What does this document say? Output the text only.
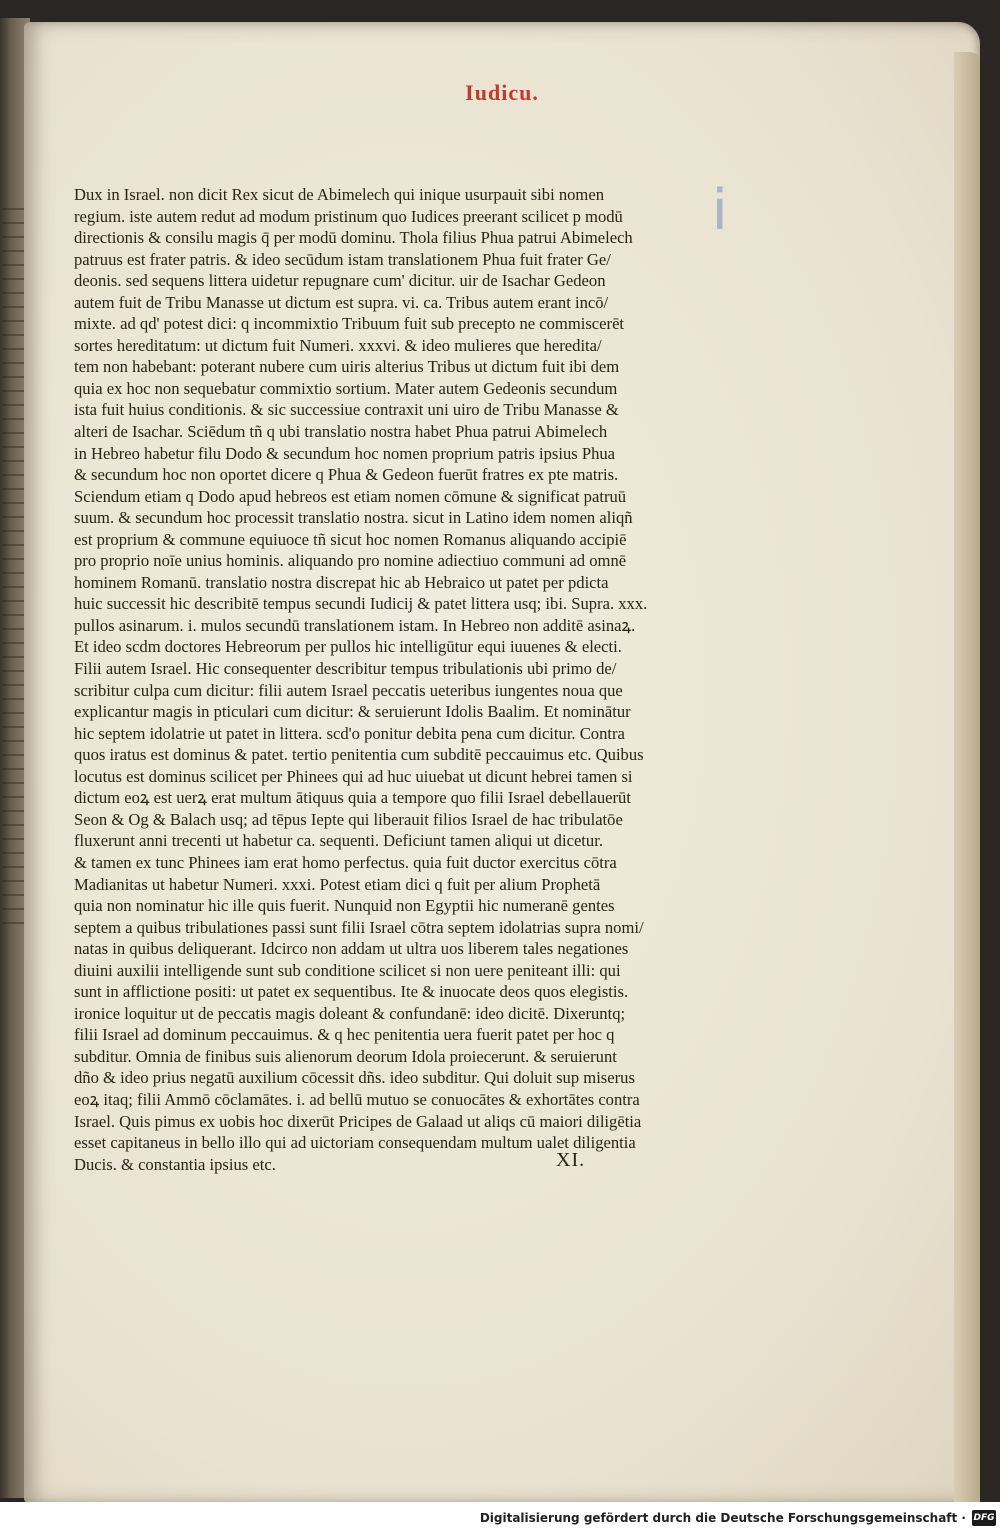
Iudicu.
Ꭵ
Dux in Israel. non dicit Rex sicut de Abimelech qui inique usurpauit sibi nomen
regium. iste autem redut ad modum pristinum quo Iudices preerant scilicet p modū
directionis & consilu magis q̄ per modū dominu. Thola filius Phua patrui Abimelech
patruus est frater patris. & ideo secūdum istam translationem Phua fuit frater Ge/
deonis. sed sequens littera uidetur repugnare cum' dicitur. uir de Isachar Gedeon
autem fuit de Tribu Manasse ut dictum est supra. vi. ca. Tribus autem erant incō/
mixte. ad qd' potest dici: q incommixtio Tribuum fuit sub precepto ne commiscerēt
sortes hereditatum: ut dictum fuit Numeri. xxxvi. & ideo mulieres que heredita/
tem non habebant: poterant nubere cum uiris alterius Tribus ut dictum fuit ibi dem
quia ex hoc non sequebatur commixtio sortium. Mater autem Gedeonis secundum
ista fuit huius conditionis. & sic successiue contraxit uni uiro de Tribu Manasse &
alteri de Isachar. Sciēdum tñ q ubi translatio nostra habet Phua patrui Abimelech
in Hebreo habetur filu Dodo & secundum hoc nomen proprium patris ipsius Phua
& secundum hoc non oportet dicere q Phua & Gedeon fuerūt fratres ex pte matris.
Sciendum etiam q Dodo apud hebreos est etiam nomen cōmune & significat patruū
suum. & secundum hoc processit translatio nostra. sicut in Latino idem nomen aliqñ
est proprium & commune equiuoce tñ sicut hoc nomen Romanus aliquando accipiē
pro proprio noīe unius hominis. aliquando pro nomine adiectiuo communi ad omnē
hominem Romanū. translatio nostra discrepat hic ab Hebraico ut patet per pdicta
huic successit hic describitē tempus secundi Iudicij & patet littera usq; ibi. Supra. xxx.
pullos asinarum. i. mulos secundū translationem istam. In Hebreo non additē asinaꝝ.
Et ideo scdm doctores Hebreorum per pullos hic intelligūtur equi iuuenes & electi.
Filii autem Israel. Hic consequenter describitur tempus tribulationis ubi primo de/
scribitur culpa cum dicitur: filii autem Israel peccatis ueteribus iungentes noua que
explicantur magis in pticulari cum dicitur: & seruierunt Idolis Baalim. Et nominātur
hic septem idolatrie ut patet in littera. scd'o ponitur debita pena cum dicitur. Contra
quos iratus est dominus & patet. tertio penitentia cum subditē peccauimus etc. Quibus
locutus est dominus scilicet per Phinees qui ad huc uiuebat ut dicunt hebrei tamen si
dictum eoꝝ est uerꝝ erat multum ātiquus quia a tempore quo filii Israel debellauerūt
Seon & Og & Balach usq; ad tēpus Iepte qui liberauit filios Israel de hac tribulatōe
fluxerunt anni trecenti ut habetur ca. sequenti. Deficiunt tamen aliqui ut dicetur.
& tamen ex tunc Phinees iam erat homo perfectus. quia fuit ductor exercitus cōtra
Madianitas ut habetur Numeri. xxxi. Potest etiam dici q fuit per alium Prophetā
quia non nominatur hic ille quis fuerit. Nunquid non Egyptii hic numeranē gentes
septem a quibus tribulationes passi sunt filii Israel cōtra septem idolatrias supra nomi/
natas in quibus deliquerant. Idcirco non addam ut ultra uos liberem tales negationes
diuini auxilii intelligende sunt sub conditione scilicet si non uere peniteant illi: qui
sunt in afflictione positi: ut patet ex sequentibus. Ite & inuocate deos quos elegistis.
ironice loquitur ut de peccatis magis doleant & confundanē: ideo dicitē. Dixeruntq;
filii Israel ad dominum peccauimus. & q hec penitentia uera fuerit patet per hoc q
subditur. Omnia de finibus suis alienorum deorum Idola proiecerunt. & seruierunt
dño & ideo prius negatū auxilium cōcessit dñs. ideo subditur. Qui doluit sup miserus
eoꝝ itaq; filii Ammō cōclamātes. i. ad bellū mutuo se conuocātes & exhortātes contra
Israel. Quis pimus ex uobis hoc dixerūt Pricipes de Galaad ut aliqs cū maiori diligētia
esset capitaneus in bello illo qui ad uictoriam consequendam multum ualet diligentia
Ducis. & constantia ipsius etc.	XI.
Digitalisierung gefördert durch die Deutsche Forschungsgemeinschaft · DFG
